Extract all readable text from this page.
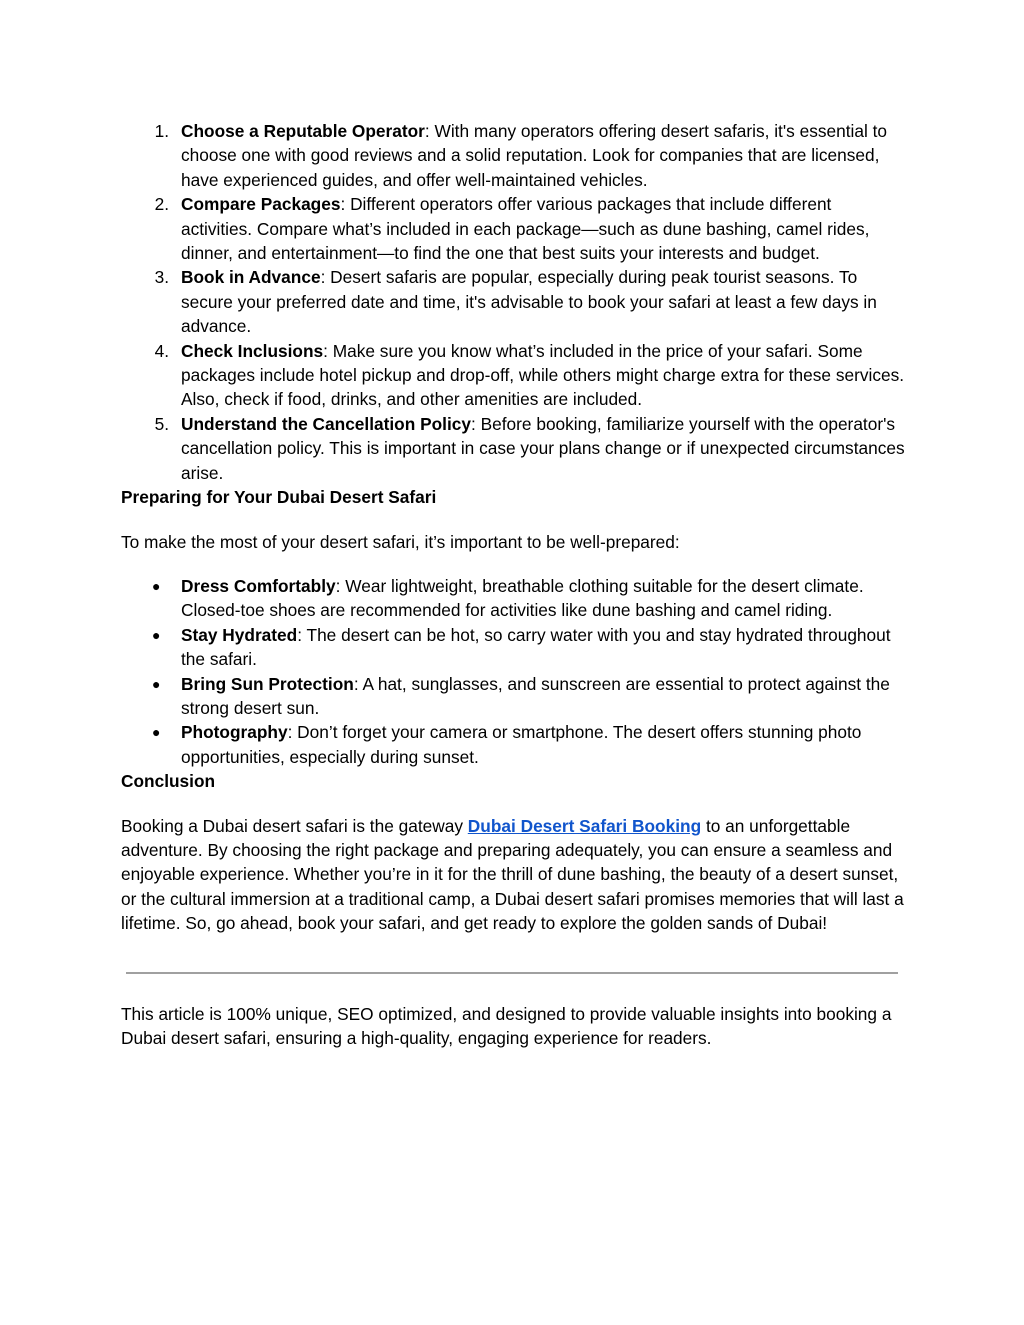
1. Choose a Reputable Operator: With many operators offering desert safaris, it's essential to choose one with good reviews and a solid reputation. Look for companies that are licensed, have experienced guides, and offer well-maintained vehicles.
2. Compare Packages: Different operators offer various packages that include different activities. Compare what’s included in each package—such as dune bashing, camel rides, dinner, and entertainment—to find the one that best suits your interests and budget.
3. Book in Advance: Desert safaris are popular, especially during peak tourist seasons. To secure your preferred date and time, it's advisable to book your safari at least a few days in advance.
4. Check Inclusions: Make sure you know what’s included in the price of your safari. Some packages include hotel pickup and drop-off, while others might charge extra for these services. Also, check if food, drinks, and other amenities are included.
5. Understand the Cancellation Policy: Before booking, familiarize yourself with the operator's cancellation policy. This is important in case your plans change or if unexpected circumstances arise.
Preparing for Your Dubai Desert Safari

To make the most of your desert safari, it’s important to be well-prepared:

●	Dress Comfortably: Wear lightweight, breathable clothing suitable for the desert climate. Closed-toe shoes are recommended for activities like dune bashing and camel riding.
●	Stay Hydrated: The desert can be hot, so carry water with you and stay hydrated throughout the safari.
●	Bring Sun Protection: A hat, sunglasses, and sunscreen are essential to protect against the strong desert sun.
●	Photography: Don’t forget your camera or smartphone. The desert offers stunning photo opportunities, especially during sunset.
Conclusion

Booking a Dubai desert safari is the gateway Dubai Desert Safari Booking to an unforgettable adventure. By choosing the right package and preparing adequately, you can ensure a seamless and enjoyable experience. Whether you’re in it for the thrill of dune bashing, the beauty of a desert sunset, or the cultural immersion at a traditional camp, a Dubai desert safari promises memories that will last a lifetime. So, go ahead, book your safari, and get ready to explore the golden sands of Dubai!

This article is 100% unique, SEO optimized, and designed to provide valuable insights into booking a Dubai desert safari, ensuring a high-quality, engaging experience for readers.
